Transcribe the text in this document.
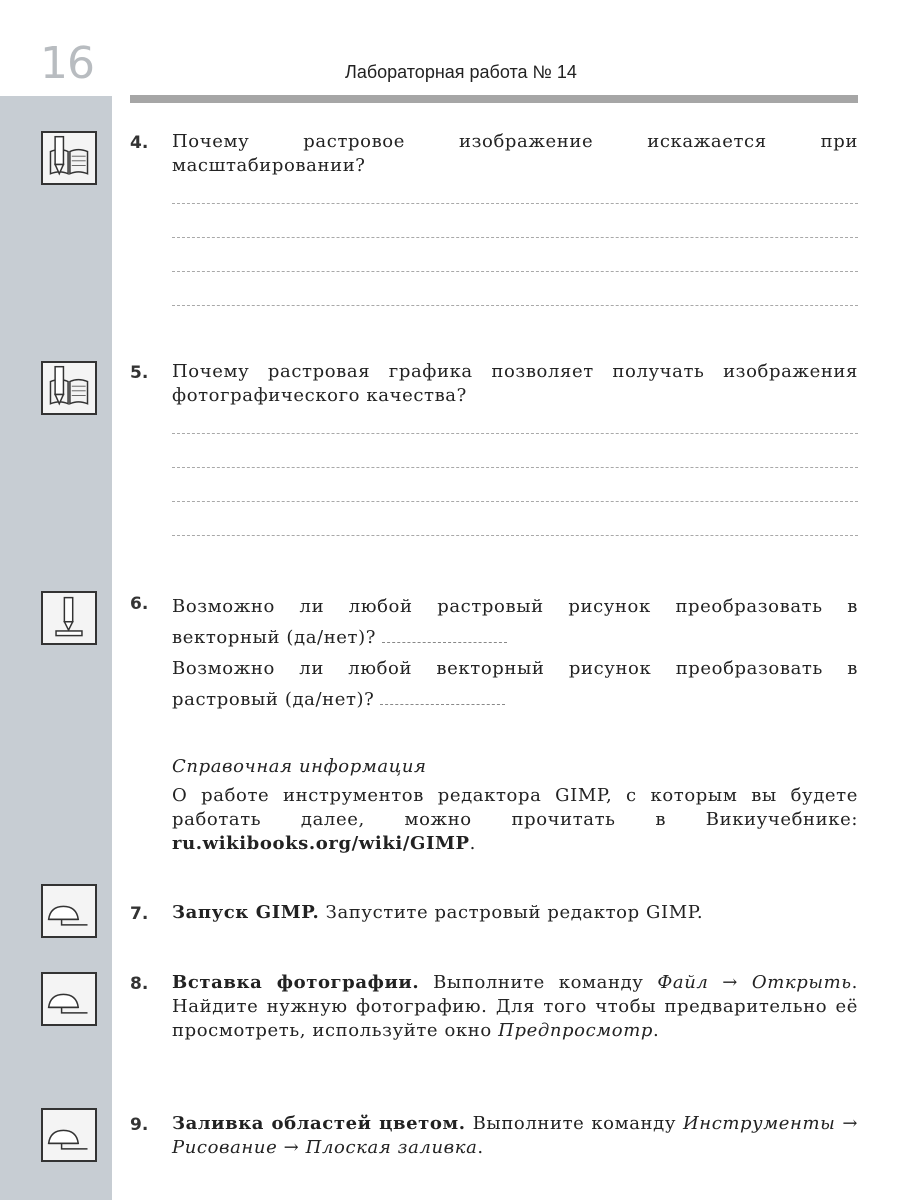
16	Лабораторная работа № 14
4. Почему растровое изображение искажается при масштабировании?
5. Почему растровая графика позволяет получать изображения фотографического качества?
6. Возможно ли любой растровый рисунок преобразовать в векторный (да/нет)?
Возможно ли любой векторный рисунок преобразовать в растровый (да/нет)?
Справочная информация
О работе инструментов редактора GIMP, с которым вы будете работать далее, можно прочитать в Викиучебнике: ru.wikibooks.org/wiki/GIMP.
7. Запуск GIMP. Запустите растровый редактор GIMP.
8. Вставка фотографии. Выполните команду Файл → Открыть. Найдите нужную фотографию. Для того чтобы предварительно её просмотреть, используйте окно Предпросмотр.
9. Заливка областей цветом. Выполните команду Инструменты → Рисование → Плоская заливка.
